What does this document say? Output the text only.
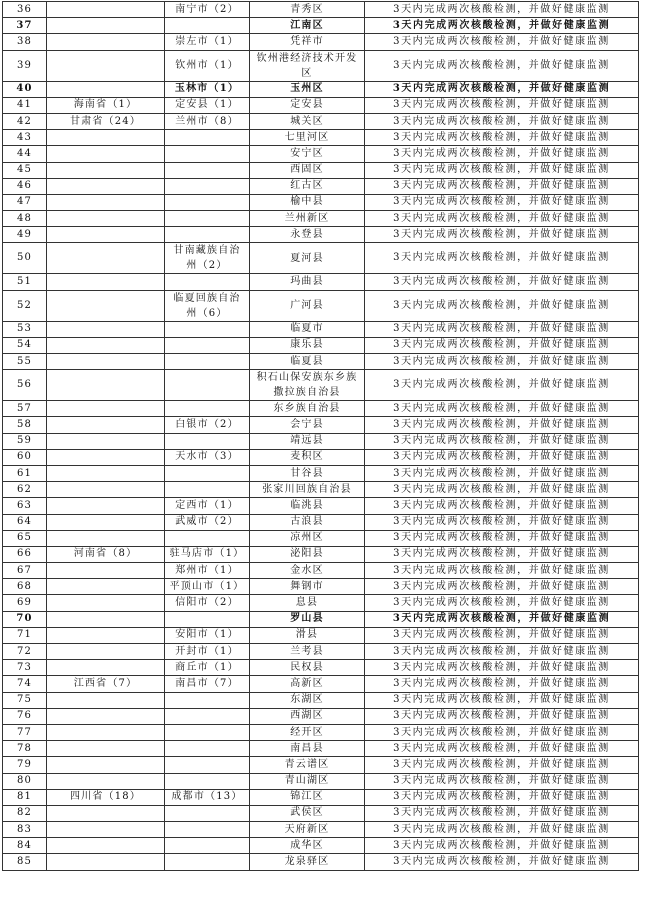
36		南宁市（2）	青秀区	3天内完成两次核酸检测，并做好健康监测
37			江南区	3天内完成两次核酸检测，并做好健康监测
38		崇左市（1）	凭祥市	3天内完成两次核酸检测，并做好健康监测
39		钦州市（1）	钦州港经济技术开发区	3天内完成两次核酸检测，并做好健康监测
40		玉林市（1）	玉州区	3天内完成两次核酸检测，并做好健康监测
41	海南省（1）	定安县（1）	定安县	3天内完成两次核酸检测，并做好健康监测
42	甘肃省（24）	兰州市（8）	城关区	3天内完成两次核酸检测，并做好健康监测
43			七里河区	3天内完成两次核酸检测，并做好健康监测
44			安宁区	3天内完成两次核酸检测，并做好健康监测
45			西固区	3天内完成两次核酸检测，并做好健康监测
46			红古区	3天内完成两次核酸检测，并做好健康监测
47			榆中县	3天内完成两次核酸检测，并做好健康监测
48			兰州新区	3天内完成两次核酸检测，并做好健康监测
49			永登县	3天内完成两次核酸检测，并做好健康监测
50		甘南藏族自治州（2）	夏河县	3天内完成两次核酸检测，并做好健康监测
51			玛曲县	3天内完成两次核酸检测，并做好健康监测
52		临夏回族自治州（6）	广河县	3天内完成两次核酸检测，并做好健康监测
53			临夏市	3天内完成两次核酸检测，并做好健康监测
54			康乐县	3天内完成两次核酸检测，并做好健康监测
55			临夏县	3天内完成两次核酸检测，并做好健康监测
56			积石山保安族东乡族撒拉族自治县	3天内完成两次核酸检测，并做好健康监测
57			东乡族自治县	3天内完成两次核酸检测，并做好健康监测
58		白银市（2）	会宁县	3天内完成两次核酸检测，并做好健康监测
59			靖远县	3天内完成两次核酸检测，并做好健康监测
60		天水市（3）	麦积区	3天内完成两次核酸检测，并做好健康监测
61			甘谷县	3天内完成两次核酸检测，并做好健康监测
62			张家川回族自治县	3天内完成两次核酸检测，并做好健康监测
63		定西市（1）	临洮县	3天内完成两次核酸检测，并做好健康监测
64		武威市（2）	古浪县	3天内完成两次核酸检测，并做好健康监测
65			凉州区	3天内完成两次核酸检测，并做好健康监测
66	河南省（8）	驻马店市（1）	泌阳县	3天内完成两次核酸检测，并做好健康监测
67		郑州市（1）	金水区	3天内完成两次核酸检测，并做好健康监测
68		平顶山市（1）	舞钢市	3天内完成两次核酸检测，并做好健康监测
69		信阳市（2）	息县	3天内完成两次核酸检测，并做好健康监测
70			罗山县	3天内完成两次核酸检测，并做好健康监测
71		安阳市（1）	滑县	3天内完成两次核酸检测，并做好健康监测
72		开封市（1）	兰考县	3天内完成两次核酸检测，并做好健康监测
73		商丘市（1）	民权县	3天内完成两次核酸检测，并做好健康监测
74	江西省（7）	南昌市（7）	高新区	3天内完成两次核酸检测，并做好健康监测
75			东湖区	3天内完成两次核酸检测，并做好健康监测
76			西湖区	3天内完成两次核酸检测，并做好健康监测
77			经开区	3天内完成两次核酸检测，并做好健康监测
78			南昌县	3天内完成两次核酸检测，并做好健康监测
79			青云谱区	3天内完成两次核酸检测，并做好健康监测
80			青山湖区	3天内完成两次核酸检测，并做好健康监测
81	四川省（18）	成都市（13）	锦江区	3天内完成两次核酸检测，并做好健康监测
82			武侯区	3天内完成两次核酸检测，并做好健康监测
83			天府新区	3天内完成两次核酸检测，并做好健康监测
84			成华区	3天内完成两次核酸检测，并做好健康监测
85			龙泉驿区	3天内完成两次核酸检测，并做好健康监测
